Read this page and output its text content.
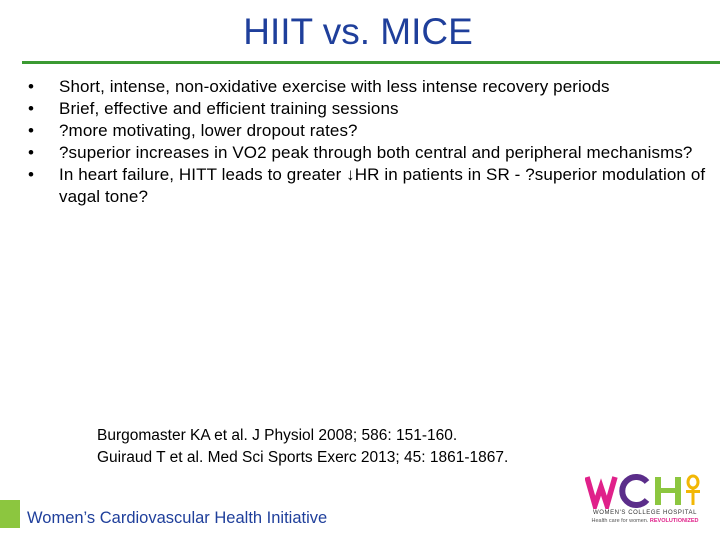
HIIT vs. MICE
•	Short, intense, non-oxidative exercise with less intense recovery periods
•	Brief, effective and efficient training sessions
•	?more motivating, lower dropout rates?
•	?superior increases in VO2 peak through both central and peripheral mechanisms?
•	In heart failure, HITT leads to greater ↓HR in patients in SR - ?superior modulation of vagal tone?
Burgomaster KA et al. J Physiol 2008; 586: 151-160.
Guiraud T et al. Med Sci Sports Exerc 2013; 45: 1861-1867.
Women’s Cardiovascular Health Initiative	WOMEN'S COLLEGE HOSPITAL
Health care for women. REVOLUTIONIZED
